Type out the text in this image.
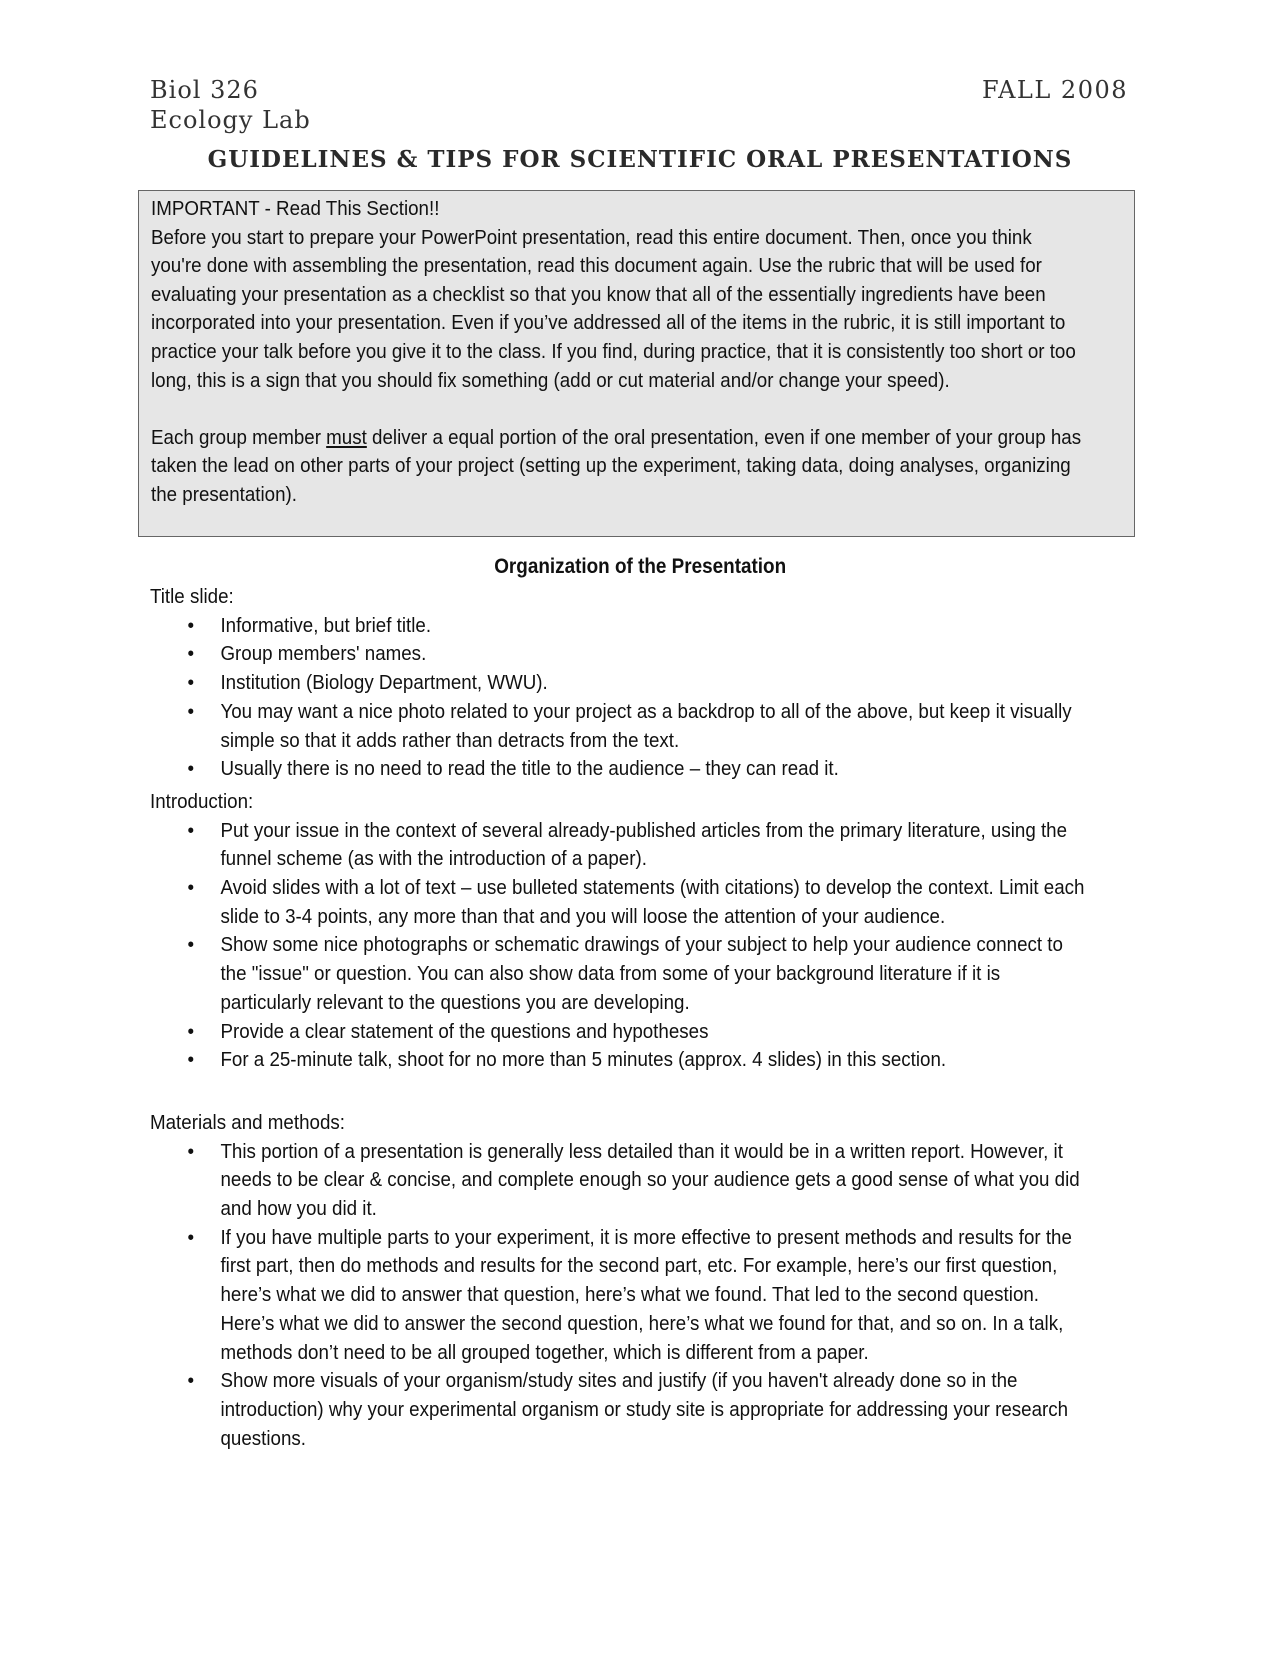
Biol 326
Ecology Lab
FALL 2008
GUIDELINES & TIPS FOR SCIENTIFIC ORAL PRESENTATIONS

IMPORTANT - Read This Section!!

Before you start to prepare your PowerPoint presentation, read this entire document. Then, once you think you're done with assembling the presentation, read this document again. Use the rubric that will be used for evaluating your presentation as a checklist so that you know that all of the essentially ingredients have been incorporated into your presentation. Even if you’ve addressed all of the items in the rubric, it is still important to practice your talk before you give it to the class. If you find, during practice, that it is consistently too short or too long, this is a sign that you should fix something (add or cut material and/or change your speed).

Each group member must deliver a equal portion of the oral presentation, even if one member of your group has taken the lead on other parts of your project (setting up the experiment, taking data, doing analyses, organizing the presentation).

Organization of the Presentation

Title slide:

• Informative, but brief title.
• Group members' names.
• Institution (Biology Department, WWU).
• You may want a nice photo related to your project as a backdrop to all of the above, but keep it visually simple so that it adds rather than detracts from the text.
• Usually there is no need to read the title to the audience – they can read it.

Introduction:

• Put your issue in the context of several already-published articles from the primary literature, using the funnel scheme (as with the introduction of a paper).
• Avoid slides with a lot of text – use bulleted statements (with citations) to develop the context. Limit each slide to 3-4 points, any more than that and you will loose the attention of your audience.
• Show some nice photographs or schematic drawings of your subject to help your audience connect to the "issue" or question. You can also show data from some of your background literature if it is particularly relevant to the questions you are developing.
• Provide a clear statement of the questions and hypotheses
• For a 25-minute talk, shoot for no more than 5 minutes (approx. 4 slides) in this section.

Materials and methods:

• This portion of a presentation is generally less detailed than it would be in a written report. However, it needs to be clear & concise, and complete enough so your audience gets a good sense of what you did and how you did it.
• If you have multiple parts to your experiment, it is more effective to present methods and results for the first part, then do methods and results for the second part, etc. For example, here’s our first question, here’s what we did to answer that question, here’s what we found. That led to the second question. Here’s what we did to answer the second question, here’s what we found for that, and so on. In a talk, methods don’t need to be all grouped together, which is different from a paper.
• Show more visuals of your organism/study sites and justify (if you haven't already done so in the introduction) why your experimental organism or study site is appropriate for addressing your research questions.
